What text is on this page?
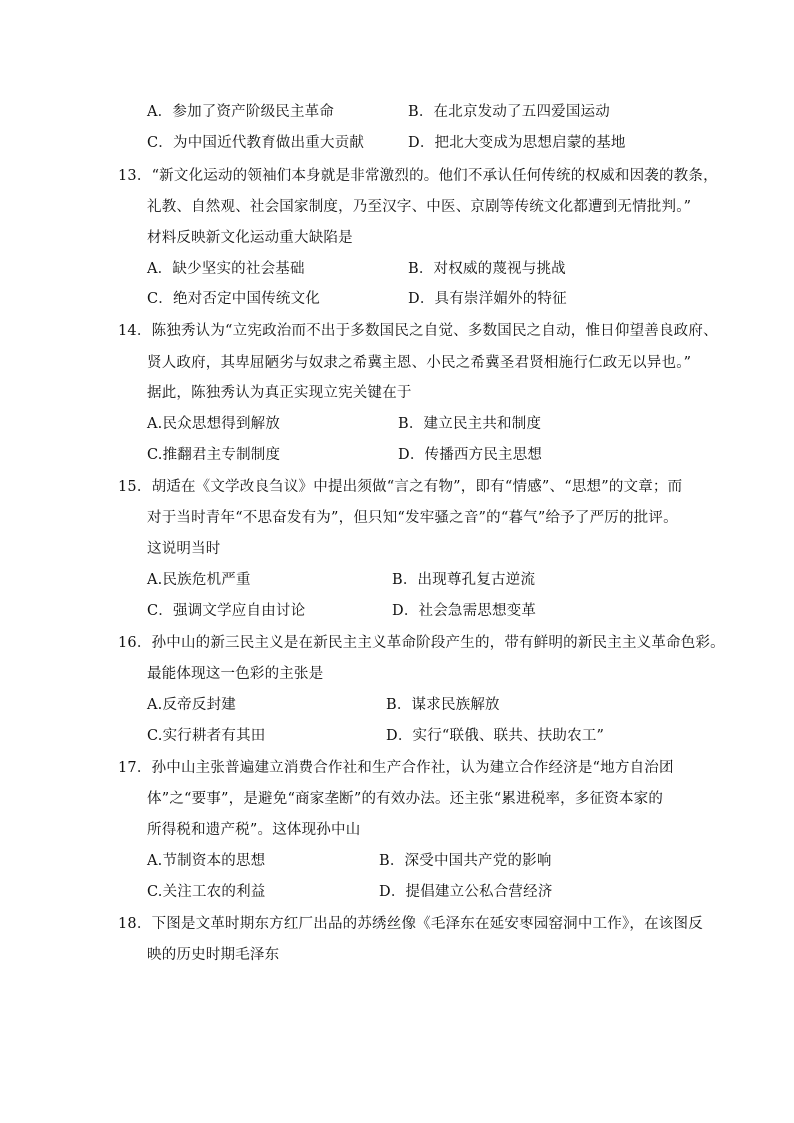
A．参加了资产阶级民主革命	B．在北京发动了五四爱国运动
C．为中国近代教育做出重大贡献	D．把北大变成为思想启蒙的基地
13．“新文化运动的领袖们本身就是非常激烈的。他们不承认任何传统的权威和因袭的教条，
礼教、自然观、社会国家制度，乃至汉字、中医、京剧等传统文化都遭到无情批判。”
材料反映新文化运动重大缺陷是
A．缺少坚实的社会基础	B．对权威的蔑视与挑战
C．绝对否定中国传统文化	D．具有崇洋媚外的特征
14．陈独秀认为“立宪政治而不出于多数国民之自觉、多数国民之自动，惟日仰望善良政府、
贤人政府，其卑屈陋劣与奴隶之希冀主恩、小民之希冀圣君贤相施行仁政无以异也。”
据此，陈独秀认为真正实现立宪关键在于
A.民众思想得到解放	B．建立民主共和制度
C.推翻君主专制制度	D．传播西方民主思想
15．胡适在《文学改良刍议》中提出须做“言之有物”，即有“情感”、“思想”的文章；而
对于当时青年“不思奋发有为”，但只知“发牢骚之音”的“暮气”给予了严厉的批评。
这说明当时
A.民族危机严重	B．出现尊孔复古逆流
C．强调文学应自由讨论	D．社会急需思想变革
16．孙中山的新三民主义是在新民主主义革命阶段产生的，带有鲜明的新民主主义革命色彩。
最能体现这一色彩的主张是
A.反帝反封建	B．谋求民族解放
C.实行耕者有其田	D．实行“联俄、联共、扶助农工”
17．孙中山主张普遍建立消费合作社和生产合作社，认为建立合作经济是“地方自治团
体”之“要事”，是避免“商家垄断”的有效办法。还主张“累进税率，多征资本家的
所得税和遗产税”。这体现孙中山
A.节制资本的思想	B．深受中国共产党的影响
C.关注工农的利益	D．提倡建立公私合营经济
18．下图是文革时期东方红厂出品的苏绣丝像《毛泽东在延安枣园窑洞中工作》，在该图反
映的历史时期毛泽东
